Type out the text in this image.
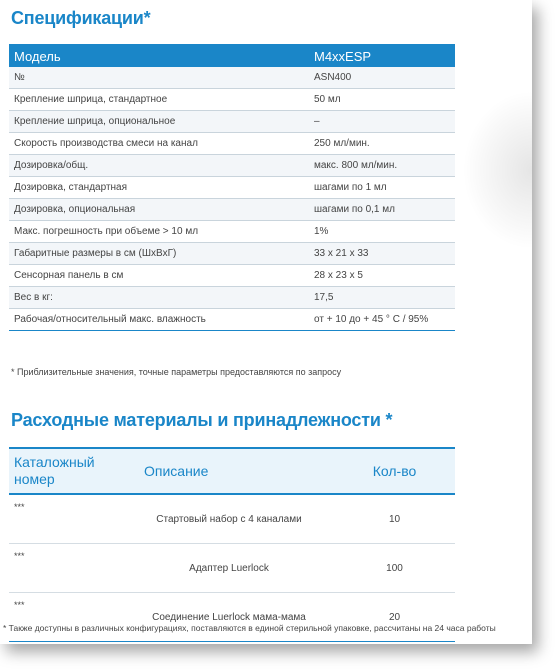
Спецификации*
Модель	M4xxESP
№	ASN400
Крепление шприца, стандартное	50 мл
Крепление шприца, опциональное	–
Скорость производства смеси на канал	250 мл/мин.
Дозировка/общ.	макс. 800 мл/мин.
Дозировка, стандартная	шагами по 1 мл
Дозировка, опциональная	шагами по 0,1 мл
Макс. погрешность при объеме > 10 мл	1%
Габаритные размеры в см (ШхВхГ)	33 x 21 x 33
Сенсорная панель в см	28 x 23 x 5
Вес в кг:	17,5
Рабочая/относительный макс. влажность	от + 10 до + 45 ° C / 95%
* Приблизительные значения, точные параметры предоставляются по запросу
Расходные материалы и принадлежности *
Каталожный номер	Описание	Кол-во
***	Стартовый набор с 4 каналами	10
***	Адаптер Luerlock	100
***	Соединение Luerlock мама-мама	20
* Также доступны в различных конфигурациях, поставляются в единой стерильной упаковке, рассчитаны на 24 часа работы
